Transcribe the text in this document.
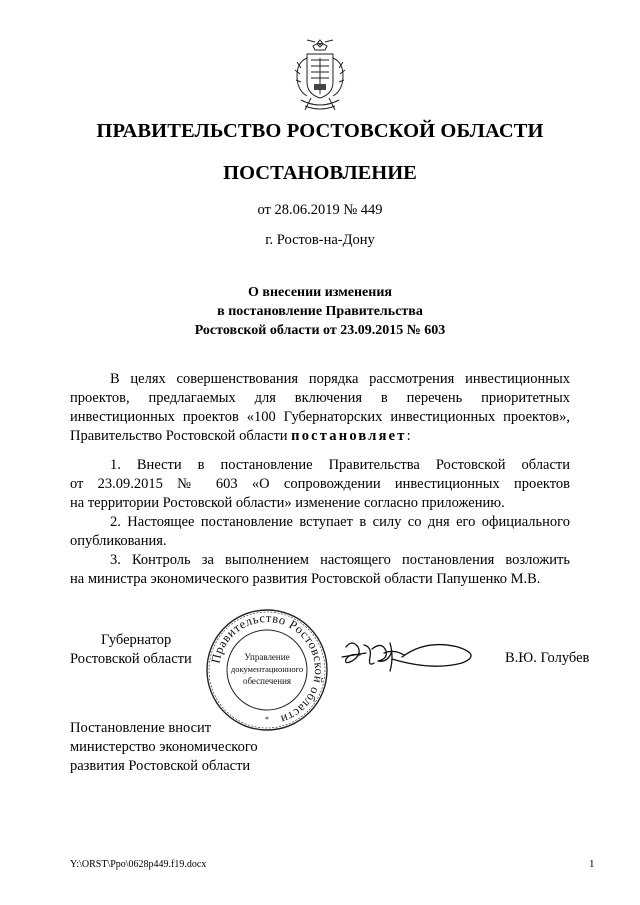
ПРАВИТЕЛЬСТВО РОСТОВСКОЙ ОБЛАСТИ
ПОСТАНОВЛЕНИЕ
от 28.06.2019 № 449
г. Ростов-на-Дону
О внесении изменения
в постановление Правительства
Ростовской области от 23.09.2015 № 603
В целях совершенствования порядка рассмотрения инвестиционных
проектов, предлагаемых для включения в перечень приоритетных
инвестиционных проектов «100 Губернаторских инвестиционных проектов»,
Правительство Ростовской области постановляет:
1. Внести в постановление Правительства Ростовской области
от 23.09.2015 № 603 «О сопровождении инвестиционных проектов
на территории Ростовской области» изменение согласно приложению.
2. Настоящее постановление вступает в силу со дня его официального
опубликования.
3. Контроль за выполнением настоящего постановления возложить
на министра экономического развития Ростовской области Папушенко М.В.
Губернатор
Ростовской области Правительство Ростовской области
Управление
документационного
обеспечения
*
В.Ю. Голубев
Постановление вносит
министерство экономического
развития Ростовской области
Y:\ORST\Ppo\0628p449.f19.docx	1
